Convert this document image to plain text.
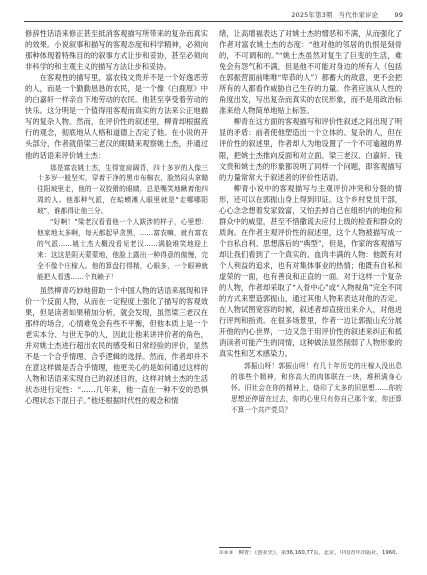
2025年第3期 当代作家评论	99

修辞性话语来修正甚至抵消客观描写所带来的复杂而真实的效果。小说叙事和描写的客观态度和科学精神，必须向那种体现着特殊目的的叙事方式让步和妥协，甚至必须向非科学的和主观主义的描写方法让步和妥协。

在客观性的描写里，富农钱文贵并不是一个好逸恶劳的人，而是一个勤勤恳恳的农民，是一个像《白鹿原》中的白嘉轩一样亲自下地劳动的农民。他甚至享受着劳动的快乐。这分明是一个值得用客观而真实的方法来公正地描写的复杂人物。然而，在评价性的叙述里，柳青却根据流行的观念，彻底地从人格和道德上否定了他。在小说的开头部分，作者就借梁三老汉的眼睛来观察姚士杰，并通过他的话语来评价姚士杰：

那是富农姚士杰，生得宽肩阔背，四十多岁的人像三十多岁一般坚实，穿着干净的黑市布棉衣，脸然闷头拿锄往阳坡里走，他的一双狡猾的眼睛，总是嘴笑地瞅着他四周的人。他那种气派，在蛤蟆滩人眼里就是“走哪哪阳坡”，谁都得让他三分。

“好啊！”梁老汉看看他一个人跋涉的样子，心里想：他家地太多啊，每天都起早贪黑，……富农嘛，就有富农的气派……姚士杰大概没看见老汉……满脸堆笑地迎上来：这这是阴天蒙蒙地，他脸上露出一种得意的傲慢，完全不像个庄稼人。他的算盘打得精，心眼多，一个眼神就能把人看透……个真赖子！

虽然柳青巧妙地借助一个中国人物的话语来展现和评价一个反面人物，从而在一定程度上强化了描写的客观效果，但是读者如果稍加分析，就会发现，虽然梁三老汉在那样的场合，心情难免会有些不平衡，但他本质上是一个老实本分、与世无争的人，因此让他来讲评价者的角色，并对姚士杰进行超出农民的感受和日常经验的评价，显然不是一个合乎情理、合乎逻辑的选择。然而，作者却并不在意这样做是否合乎情理，他更关心的是如何通过这样的人物和话语来实现自己的叙述目的，这样对姚士杰的生活状态进行定性：“……几年来，他一直在一种不安的恐惧心理状态下混日子。”他还根据时代性的观念和情

绪，让高增福表达了对姚士杰的憎恶和不满，从而强化了作者对富农姚士杰的态度：“他对他的邻居的仇恨是刻骨的，不可调和的。”“姚士杰虽然对复生了巨变的生活，难免会有怨气和不满，但是他不可能对身边的所有人（包括在郭振营面前唯唯“卑恭的人”）都蓄大的敌意，更不会把所有的人都看作威胁自己生存的力量。作者应该从人性的角度出发，写出复杂而真实的农民形象，而不是用政治标准来给人物简单地贴上标签。

柳青在这方面的客观描写和评价性叙述之间出现了明显的矛盾：前者使他塑造出一个立体的、复杂的人，但在评价性的叙述里，作者却人为地设置了一个不可逾越的界限，把姚士杰推向反面和对立面。梁三老汉、白嘉轩、钱文贵和姚士杰的形象都说明了同样一个问题，即客观描写的力量常常大于叙述者的评价性话语。

柳青小说中的客观描写与主观评价冲突和分裂的情形，还可以在郭振山身上得到印证。这个乡村党员干部，心心念念想着发家致富，又怕丢掉自己在组织内的地位和群众中的威望，甚至不惜撒谎去应付上级的检查和群众的质询。在作者主观评价性的叙述里，这个人物被描写成一个自私自利、思想落后的“典型”，但是，作家的客观描写却让我们看到了一个真实的、血肉丰满的人物：他既有对个人利益的追求，也有对集体事业的热情；他既有自私和虚荣的一面，也有善良和正直的一面。对于这样一个复杂的人物，作者却采取了“入骨中心”或“入物视角”完全不同的方式来塑造郭振山，通过其他人物来表达对他的否定。在人物试图宽容的时候，叙述者却直接出来介入，对他进行评判和指责。在很多场景里，作者一边让郭振山充分展开他的内心世界，一边又急于用评价性的叙述来纠正和抵消读者可能产生的同情，这种做法显然削弱了人物形象的真实性和艺术感染力。

郭振山呀！郭振山呀！有几十年历史的庄稼人没出息的那些个精神，和你高大的肉体联在一块，堆积满身心怀。旧社会在你的精神上，烙印了太多的旧思想……你的思想还停留在过去，你的心里只有你自己那个家，你还算不算一个共产党员？

①②③　柳青：《创业史》，第36,160,77页，北京，中国青年出版社，1960。
